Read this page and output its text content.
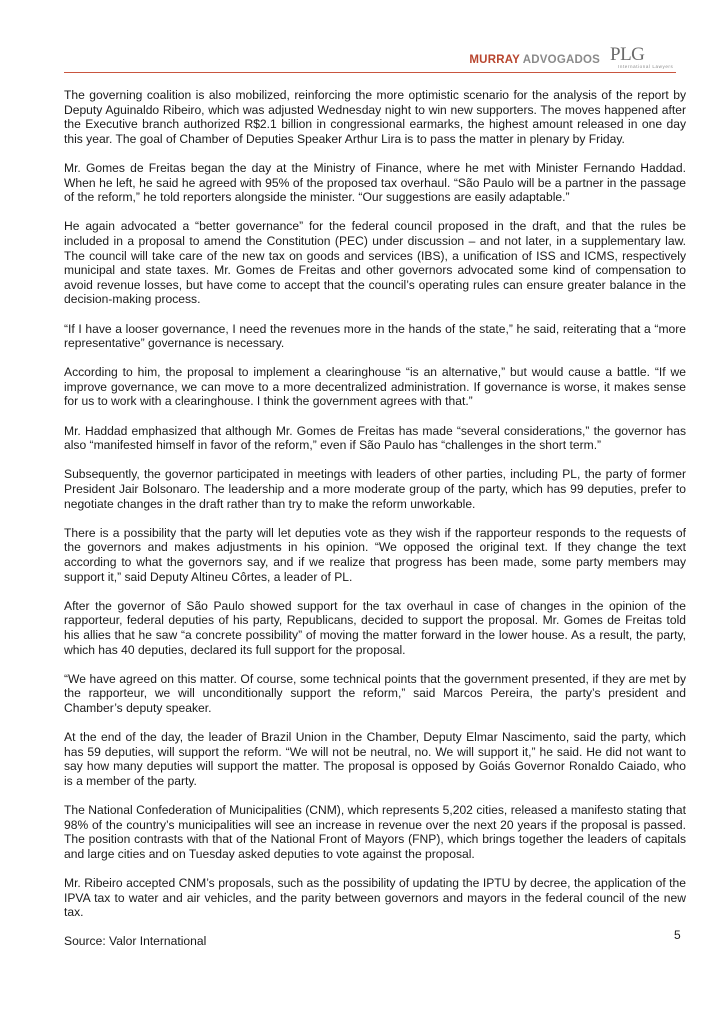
MURRAY ADVOGADOS PLG
International Lawyers

The governing coalition is also mobilized, reinforcing the more optimistic scenario for the analysis of the report by Deputy Aguinaldo Ribeiro, which was adjusted Wednesday night to win new supporters. The moves happened after the Executive branch authorized R$2.1 billion in congressional earmarks, the highest amount released in one day this year. The goal of Chamber of Deputies Speaker Arthur Lira is to pass the matter in plenary by Friday.

Mr. Gomes de Freitas began the day at the Ministry of Finance, where he met with Minister Fernando Haddad. When he left, he said he agreed with 95% of the proposed tax overhaul. “São Paulo will be a partner in the passage of the reform,” he told reporters alongside the minister. “Our suggestions are easily adaptable.”

He again advocated a “better governance” for the federal council proposed in the draft, and that the rules be included in a proposal to amend the Constitution (PEC) under discussion – and not later, in a supplementary law. The council will take care of the new tax on goods and services (IBS), a unification of ISS and ICMS, respectively municipal and state taxes. Mr. Gomes de Freitas and other governors advocated some kind of compensation to avoid revenue losses, but have come to accept that the council’s operating rules can ensure greater balance in the decision-making process.

“If I have a looser governance, I need the revenues more in the hands of the state,” he said, reiterating that a “more representative” governance is necessary.

According to him, the proposal to implement a clearinghouse “is an alternative,” but would cause a battle. “If we improve governance, we can move to a more decentralized administration. If governance is worse, it makes sense for us to work with a clearinghouse. I think the government agrees with that.”

Mr. Haddad emphasized that although Mr. Gomes de Freitas has made “several considerations,” the governor has also “manifested himself in favor of the reform,” even if São Paulo has “challenges in the short term.”

Subsequently, the governor participated in meetings with leaders of other parties, including PL, the party of former President Jair Bolsonaro. The leadership and a more moderate group of the party, which has 99 deputies, prefer to negotiate changes in the draft rather than try to make the reform unworkable.

There is a possibility that the party will let deputies vote as they wish if the rapporteur responds to the requests of the governors and makes adjustments in his opinion. “We opposed the original text. If they change the text according to what the governors say, and if we realize that progress has been made, some party members may support it,” said Deputy Altineu Côrtes, a leader of PL.

After the governor of São Paulo showed support for the tax overhaul in case of changes in the opinion of the rapporteur, federal deputies of his party, Republicans, decided to support the proposal. Mr. Gomes de Freitas told his allies that he saw “a concrete possibility” of moving the matter forward in the lower house. As a result, the party, which has 40 deputies, declared its full support for the proposal.

“We have agreed on this matter. Of course, some technical points that the government presented, if they are met by the rapporteur, we will unconditionally support the reform,” said Marcos Pereira, the party’s president and Chamber’s deputy speaker.

At the end of the day, the leader of Brazil Union in the Chamber, Deputy Elmar Nascimento, said the party, which has 59 deputies, will support the reform. “We will not be neutral, no. We will support it,” he said. He did not want to say how many deputies will support the matter. The proposal is opposed by Goiás Governor Ronaldo Caiado, who is a member of the party.

The National Confederation of Municipalities (CNM), which represents 5,202 cities, released a manifesto stating that 98% of the country’s municipalities will see an increase in revenue over the next 20 years if the proposal is passed. The position contrasts with that of the National Front of Mayors (FNP), which brings together the leaders of capitals and large cities and on Tuesday asked deputies to vote against the proposal.

Mr. Ribeiro accepted CNM’s proposals, such as the possibility of updating the IPTU by decree, the application of the IPVA tax to water and air vehicles, and the parity between governors and mayors in the federal council of the new tax.

Source: Valor International	5
